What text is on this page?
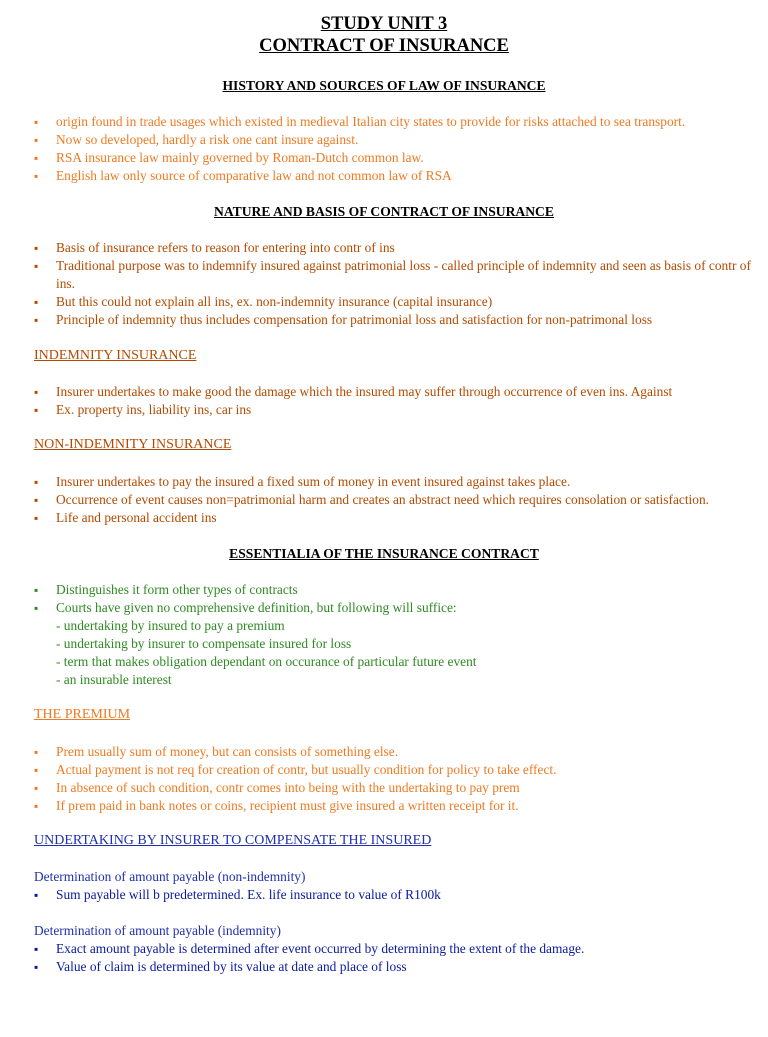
STUDY UNIT 3
CONTRACT OF INSURANCE
HISTORY AND SOURCES OF LAW OF INSURANCE
▪ origin found in trade usages which existed in medieval Italian city states to provide for risks attached to sea transport.
▪ Now so developed, hardly a risk one cant insure against.
▪ RSA insurance law mainly governed by Roman-Dutch common law.
▪ English law only source of comparative law and not common law of RSA
NATURE AND BASIS OF CONTRACT OF INSURANCE
▪ Basis of insurance refers to reason for entering into contr of ins
▪ Traditional purpose was to indemnify insured against patrimonial loss - called principle of indemnity and seen as basis of contr of ins.
▪ But this could not explain all ins, ex. non-indemnity insurance (capital insurance)
▪ Principle of indemnity thus includes compensation for patrimonial loss and satisfaction for non-patrimonal loss
INDEMNITY INSURANCE
▪ Insurer undertakes to make good the damage which the insured may suffer through occurrence of even ins. Against
▪ Ex. property ins, liability ins, car ins
NON-INDEMNITY INSURANCE
▪ Insurer undertakes to pay the insured a fixed sum of money in event insured against takes place.
▪ Occurrence of event causes non=patrimonial harm and creates an abstract need which requires consolation or satisfaction.
▪ Life and personal accident ins
ESSENTIALIA OF THE INSURANCE CONTRACT
▪ Distinguishes it form other types of contracts
▪ Courts have given no comprehensive definition, but following will suffice:
- undertaking by insured to pay a premium
- undertaking by insurer to compensate insured for loss
- term that makes obligation dependant on occurance of particular future event
- an insurable interest
THE PREMIUM
▪ Prem usually sum of money, but can consists of something else.
▪ Actual payment is not req for creation of contr, but usually condition for policy to take effect.
▪ In absence of such condition, contr comes into being with the undertaking to pay prem
▪ If prem paid in bank notes or coins, recipient must give insured a written receipt for it.
UNDERTAKING BY INSURER TO COMPENSATE THE INSURED
Determination of amount payable (non-indemnity)
▪ Sum payable will b predetermined. Ex. life insurance to value of R100k
Determination of amount payable (indemnity)
▪ Exact amount payable is determined after event occurred by determining the extent of the damage.
▪ Value of claim is determined by its value at date and place of loss
